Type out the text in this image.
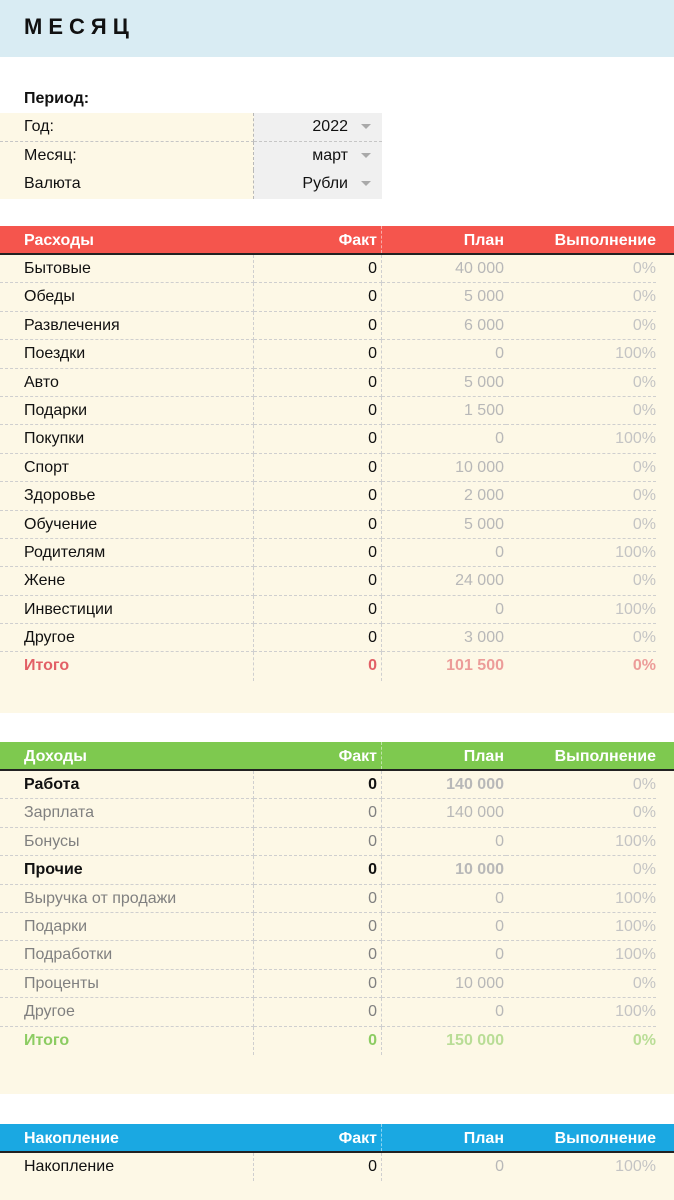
МЕСЯЦ
Период:
Год:	2022
Месяц:	март
Валюта	Рубли
Расходы	Факт	План	Выполнение
Бытовые	0	40 000	0%
Обеды	0	5 000	0%
Развлечения	0	6 000	0%
Поездки	0	0	100%
Авто	0	5 000	0%
Подарки	0	1 500	0%
Покупки	0	0	100%
Спорт	0	10 000	0%
Здоровье	0	2 000	0%
Обучение	0	5 000	0%
Родителям	0	0	100%
Жене	0	24 000	0%
Инвестиции	0	0	100%
Другое	0	3 000	0%
Итого	0	101 500	0%
Доходы	Факт	План	Выполнение
Работа	0	140 000	0%
Зарплата	0	140 000	0%
Бонусы	0	0	100%
Прочие	0	10 000	0%
Выручка от продажи	0	0	100%
Подарки	0	0	100%
Подработки	0	0	100%
Проценты	0	10 000	0%
Другое	0	0	100%
Итого	0	150 000	0%
Накопление	Факт	План	Выполнение
Накопление	0	0	100%
